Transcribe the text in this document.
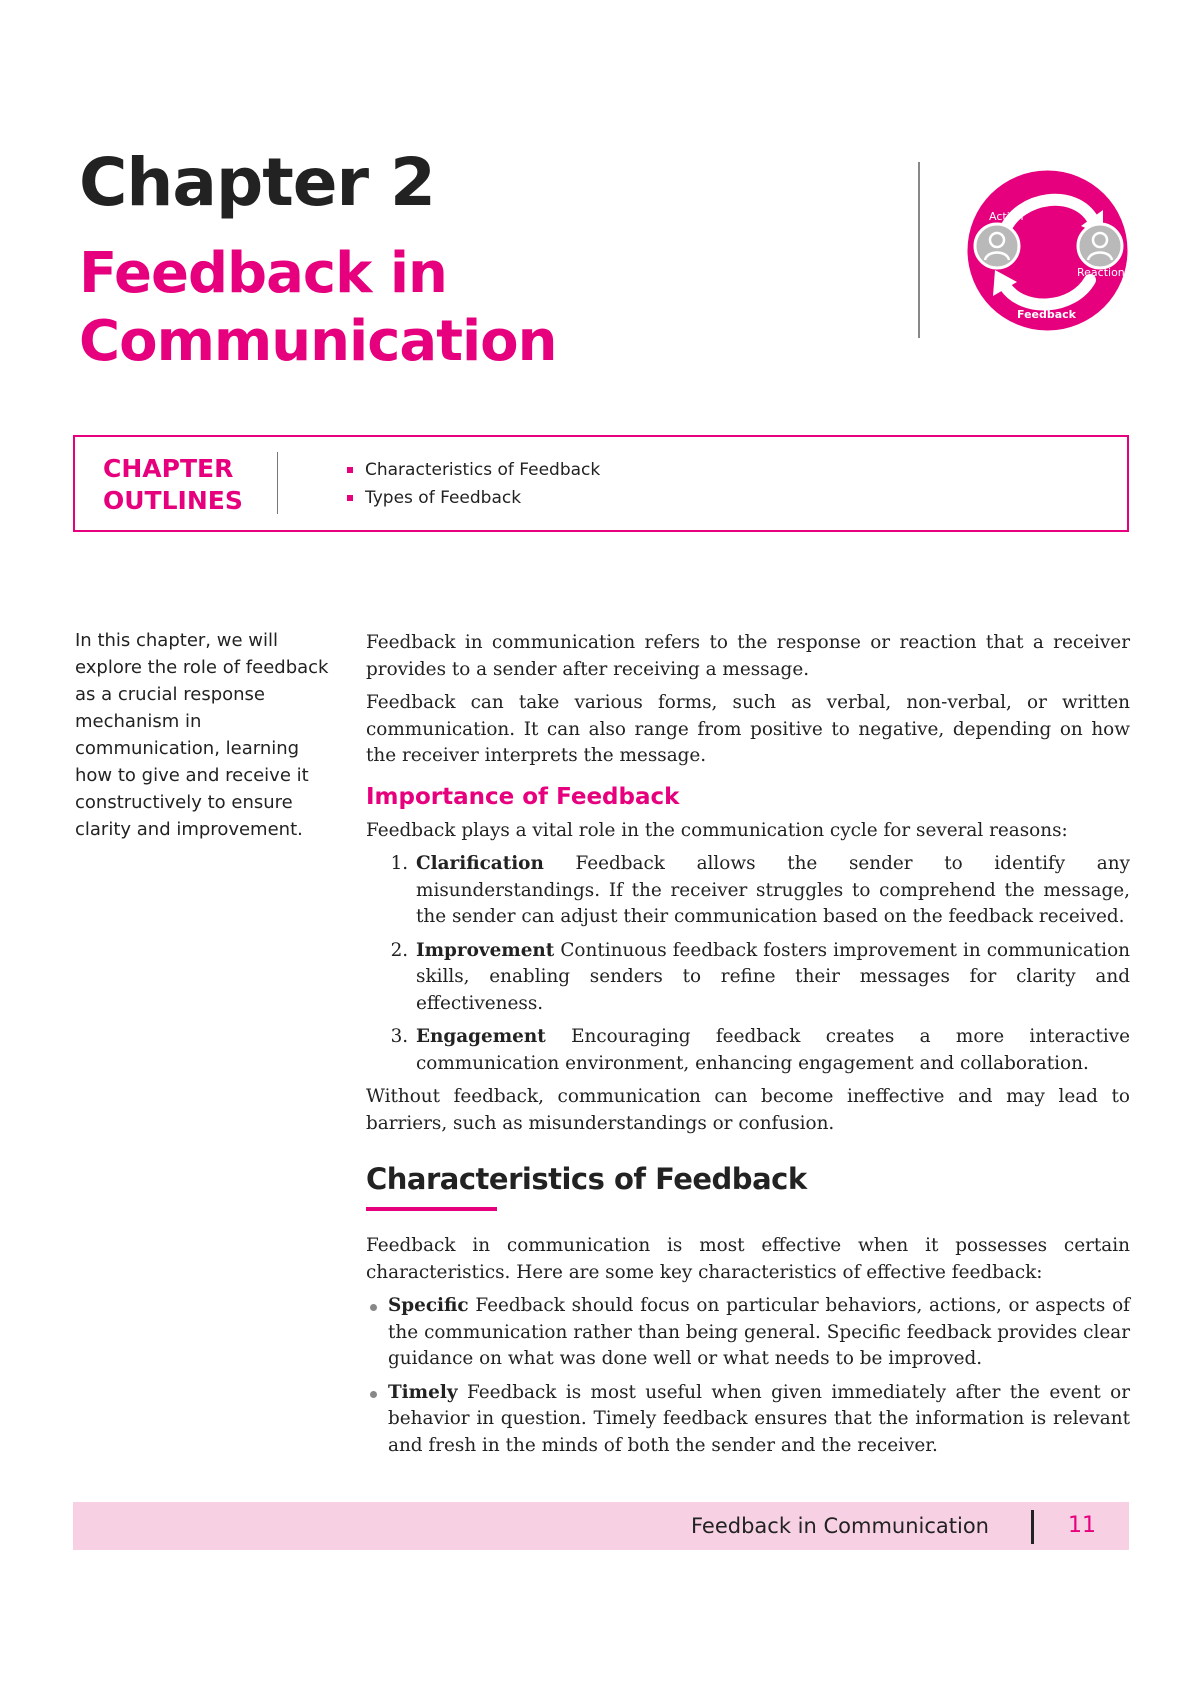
Chapter 2
Feedback in Communication
Action
Reaction
Feedback
CHAPTER
OUTLINES
Characteristics of Feedback
Types of Feedback
In this chapter, we will explore the role of feedback as a crucial response mechanism in communication, learning how to give and receive it constructively to ensure clarity and improvement.

Feedback in communication refers to the response or reaction that a receiver provides to a sender after receiving a message.

Feedback can take various forms, such as verbal, non-verbal, or written communication. It can also range from positive to negative, depending on how the receiver interprets the message.

Importance of Feedback

Feedback plays a vital role in the communication cycle for several reasons:

1. Clarification Feedback allows the sender to identify any misunderstandings. If the receiver struggles to comprehend the message, the sender can adjust their communication based on the feedback received.
2. Improvement Continuous feedback fosters improvement in communication skills, enabling senders to refine their messages for clarity and effectiveness.
3. Engagement Encouraging feedback creates a more interactive communication environment, enhancing engagement and collaboration.

Without feedback, communication can become ineffective and may lead to barriers, such as misunderstandings or confusion.

Characteristics of Feedback

Feedback in communication is most effective when it possesses certain characteristics. Here are some key characteristics of effective feedback:

Specific Feedback should focus on particular behaviors, actions, or aspects of the communication rather than being general. Specific feedback provides clear guidance on what was done well or what needs to be improved.
Timely Feedback is most useful when given immediately after the event or behavior in question. Timely feedback ensures that the information is relevant and fresh in the minds of both the sender and the receiver.
Feedback in Communication	11
